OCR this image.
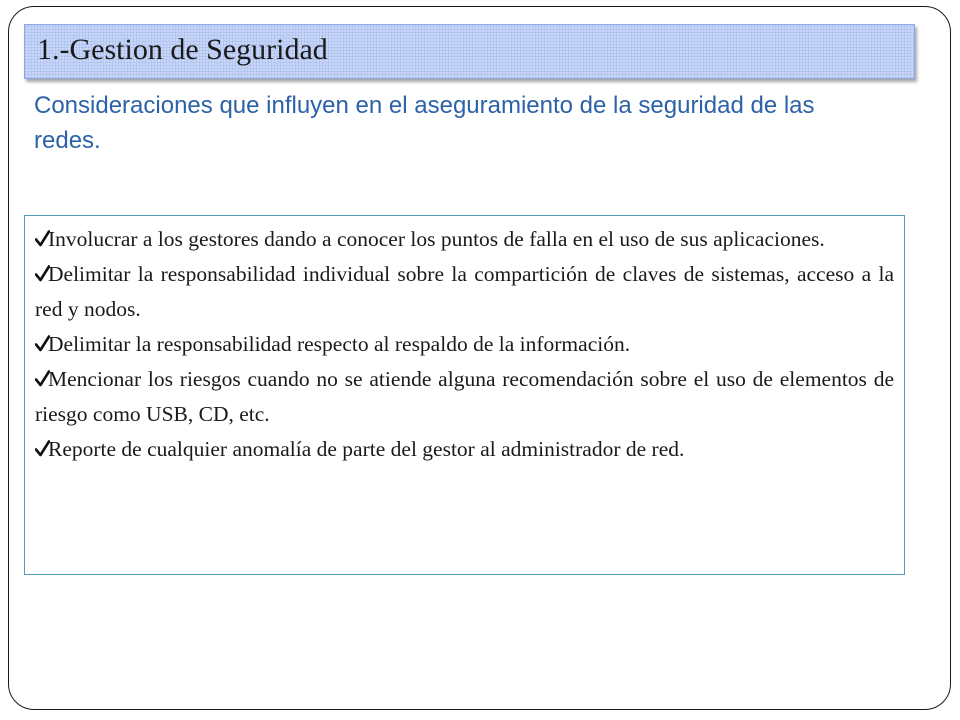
1.-Gestion de Seguridad
Consideraciones que influyen en el aseguramiento de la seguridad de las redes.
Involucrar a los gestores dando a conocer los puntos de falla en el uso de sus aplicaciones.
Delimitar la responsabilidad individual sobre la compartición de claves de sistemas, acceso a la red y nodos.
Delimitar la responsabilidad respecto al respaldo de la información.
Mencionar los riesgos cuando no se atiende alguna recomendación sobre el uso de elementos de riesgo como USB, CD, etc.
Reporte de cualquier anomalía de parte del gestor al administrador de red.
